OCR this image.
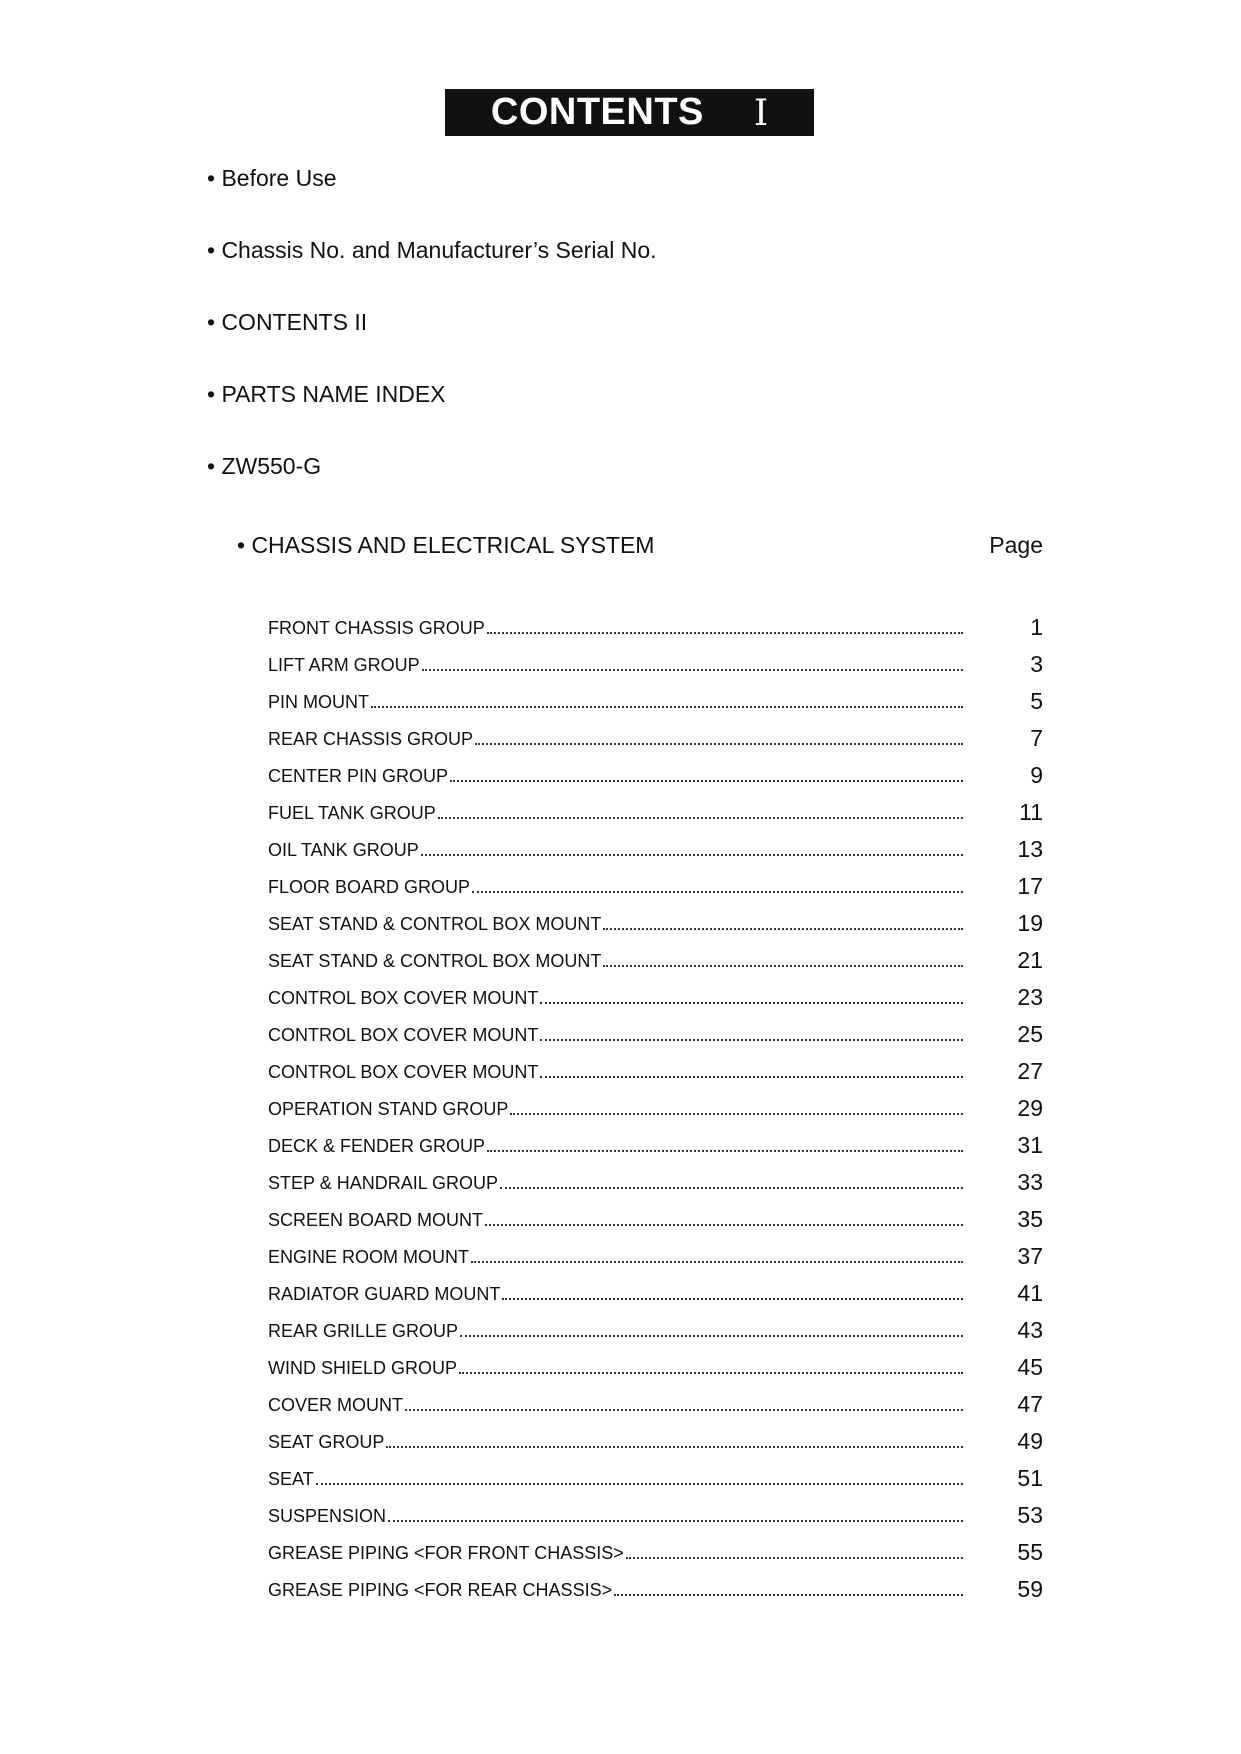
CONTENTS Ⅰ
• Before Use
• Chassis No. and Manufacturer’s Serial No.
• CONTENTS II
• PARTS NAME INDEX
• ZW550-G
• CHASSIS AND ELECTRICAL SYSTEM	Page
FRONT CHASSIS GROUP	1
LIFT ARM GROUP	3
PIN MOUNT	5
REAR CHASSIS GROUP	7
CENTER PIN GROUP	9
FUEL TANK GROUP	11
OIL TANK GROUP	13
FLOOR BOARD GROUP	17
SEAT STAND & CONTROL BOX MOUNT	19
SEAT STAND & CONTROL BOX MOUNT	21
CONTROL BOX COVER MOUNT	23
CONTROL BOX COVER MOUNT	25
CONTROL BOX COVER MOUNT	27
OPERATION STAND GROUP	29
DECK & FENDER GROUP	31
STEP & HANDRAIL GROUP	33
SCREEN BOARD MOUNT	35
ENGINE ROOM MOUNT	37
RADIATOR GUARD MOUNT	41
REAR GRILLE GROUP	43
WIND SHIELD GROUP	45
COVER MOUNT	47
SEAT GROUP	49
SEAT	51
SUSPENSION	53
GREASE PIPING <FOR FRONT CHASSIS>	55
GREASE PIPING <FOR REAR CHASSIS>	59
